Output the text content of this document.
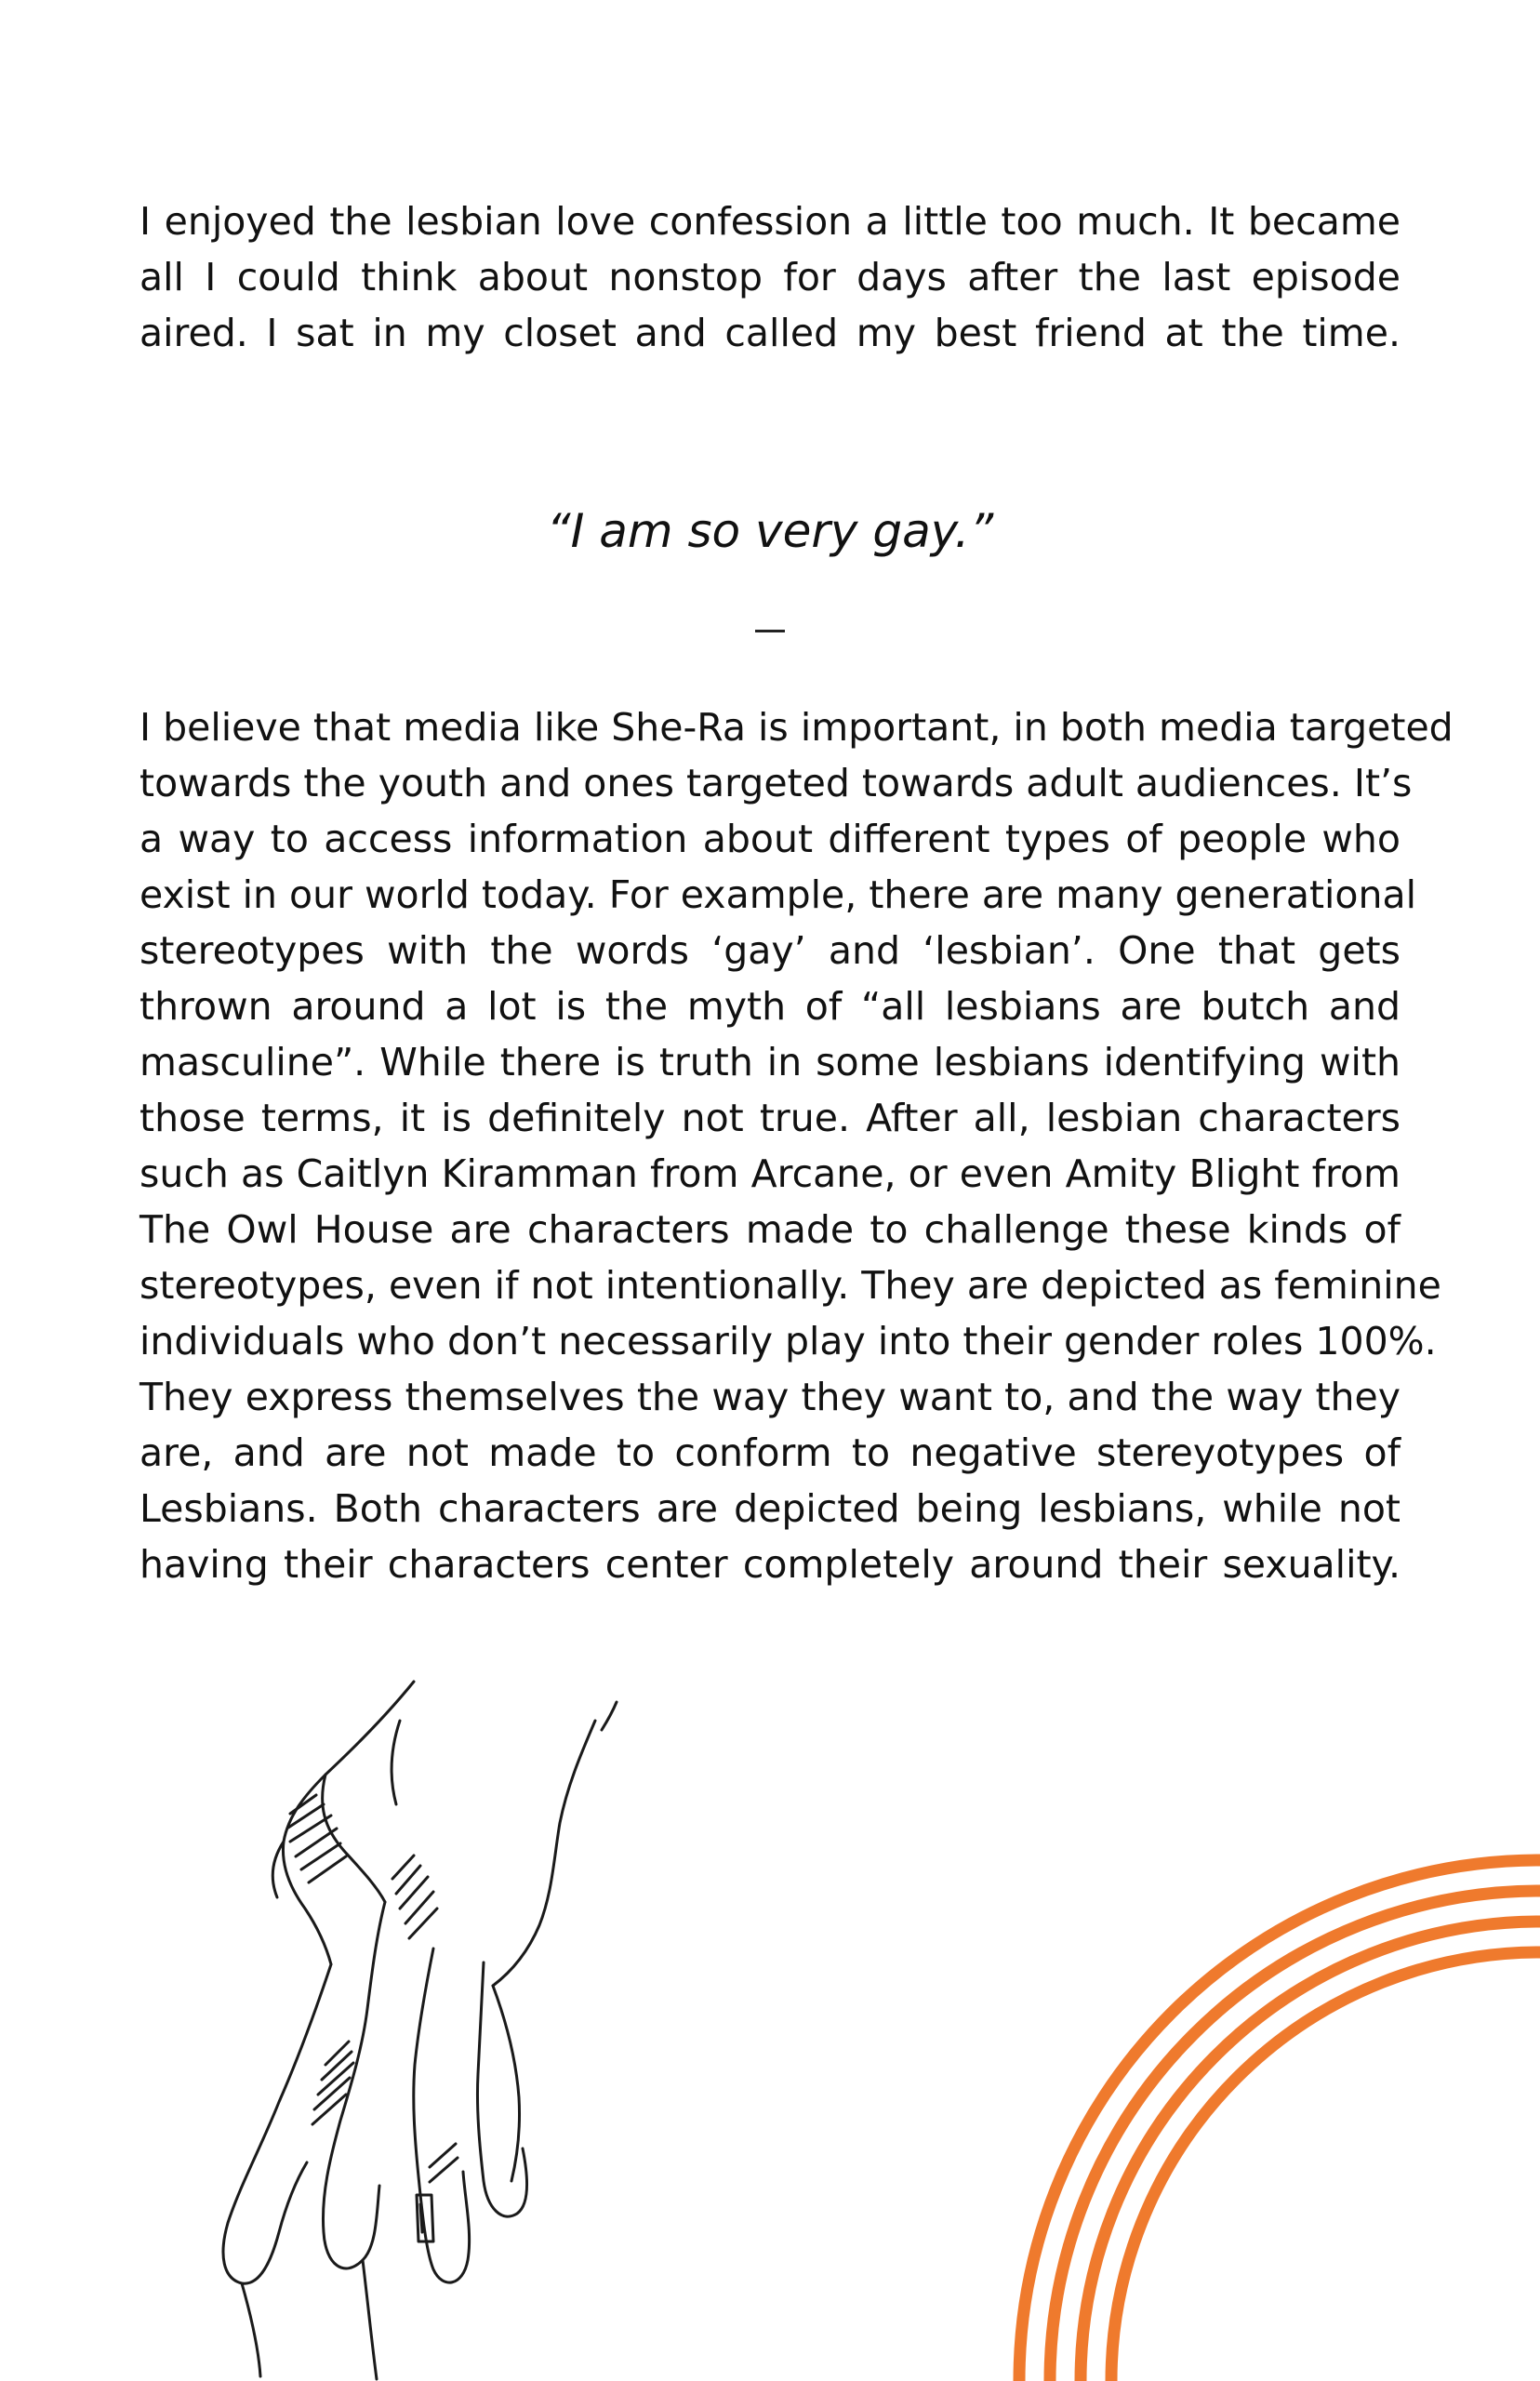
I enjoyed the lesbian love confession a little too much. It became
all I could think about nonstop for days after the last episode
aired. I sat in my closet and called my best friend at the time.

“I am so very gay.”

I believe that media like She-Ra is important, in both media targeted
towards the youth and ones targeted towards adult audiences. It’s
a way to access information about different types of people who
exist in our world today. For example, there are many generational
stereotypes with the words ‘gay’ and ‘lesbian’. One that gets
thrown around a lot is the myth of “all lesbians are butch and
masculine”. While there is truth in some lesbians identifying with
those terms, it is definitely not true. After all, lesbian characters
such as Caitlyn Kiramman from Arcane, or even Amity Blight from
The Owl House are characters made to challenge these kinds of
stereotypes, even if not intentionally. They are depicted as feminine
individuals who don’t necessarily play into their gender roles 100%.
They express themselves the way they want to, and the way they
are, and are not made to conform to negative stereyotypes of
Lesbians. Both characters are depicted being lesbians, while not
having their characters center completely around their sexuality.
